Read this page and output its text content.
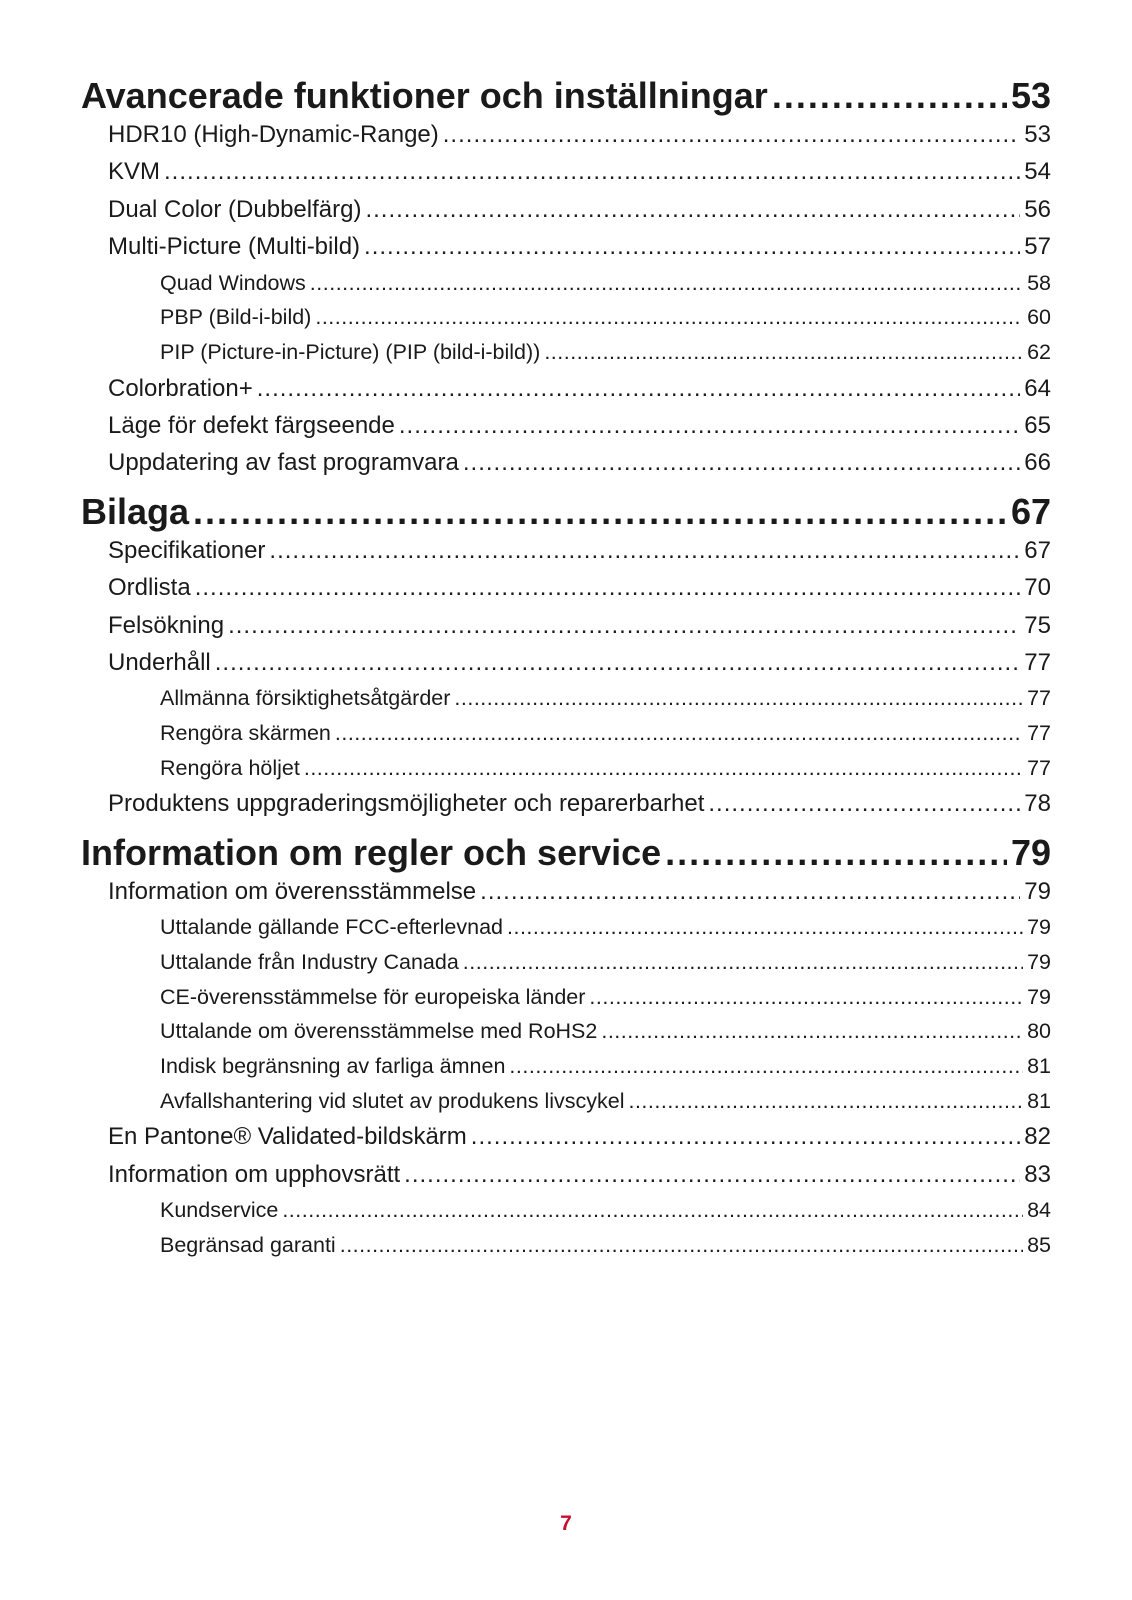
Avancerade funktioner och inställningar .....	53
HDR10 (High-Dynamic-Range) .....	53
KVM .....	54
Dual Color (Dubbelfärg) .....	56
Multi-Picture (Multi-bild) .....	57
Quad Windows .....	58
PBP (Bild-i-bild) .....	60
PIP (Picture-in-Picture) (PIP (bild-i-bild)) .....	62
Colorbration+ .....	64
Läge för defekt färgseende .....	65
Uppdatering av fast programvara .....	66
Bilaga .....	67
Specifikationer .....	67
Ordlista .....	70
Felsökning .....	75
Underhåll .....	77
Allmänna försiktighetsåtgärder .....	77
Rengöra skärmen .....	77
Rengöra höljet .....	77
Produktens uppgraderingsmöjligheter och reparerbarhet .....	78
Information om regler och service .....	79
Information om överensstämmelse .....	79
Uttalande gällande FCC-efterlevnad .....	79
Uttalande från Industry Canada .....	79
CE-överensstämmelse för europeiska länder .....	79
Uttalande om överensstämmelse med RoHS2 .....	80
Indisk begränsning av farliga ämnen .....	81
Avfallshantering vid slutet av produkens livscykel .....	81
En Pantone® Validated-bildskärm .....	82
Information om upphovsrätt .....	83
Kundservice .....	84
Begränsad garanti .....	85
7
